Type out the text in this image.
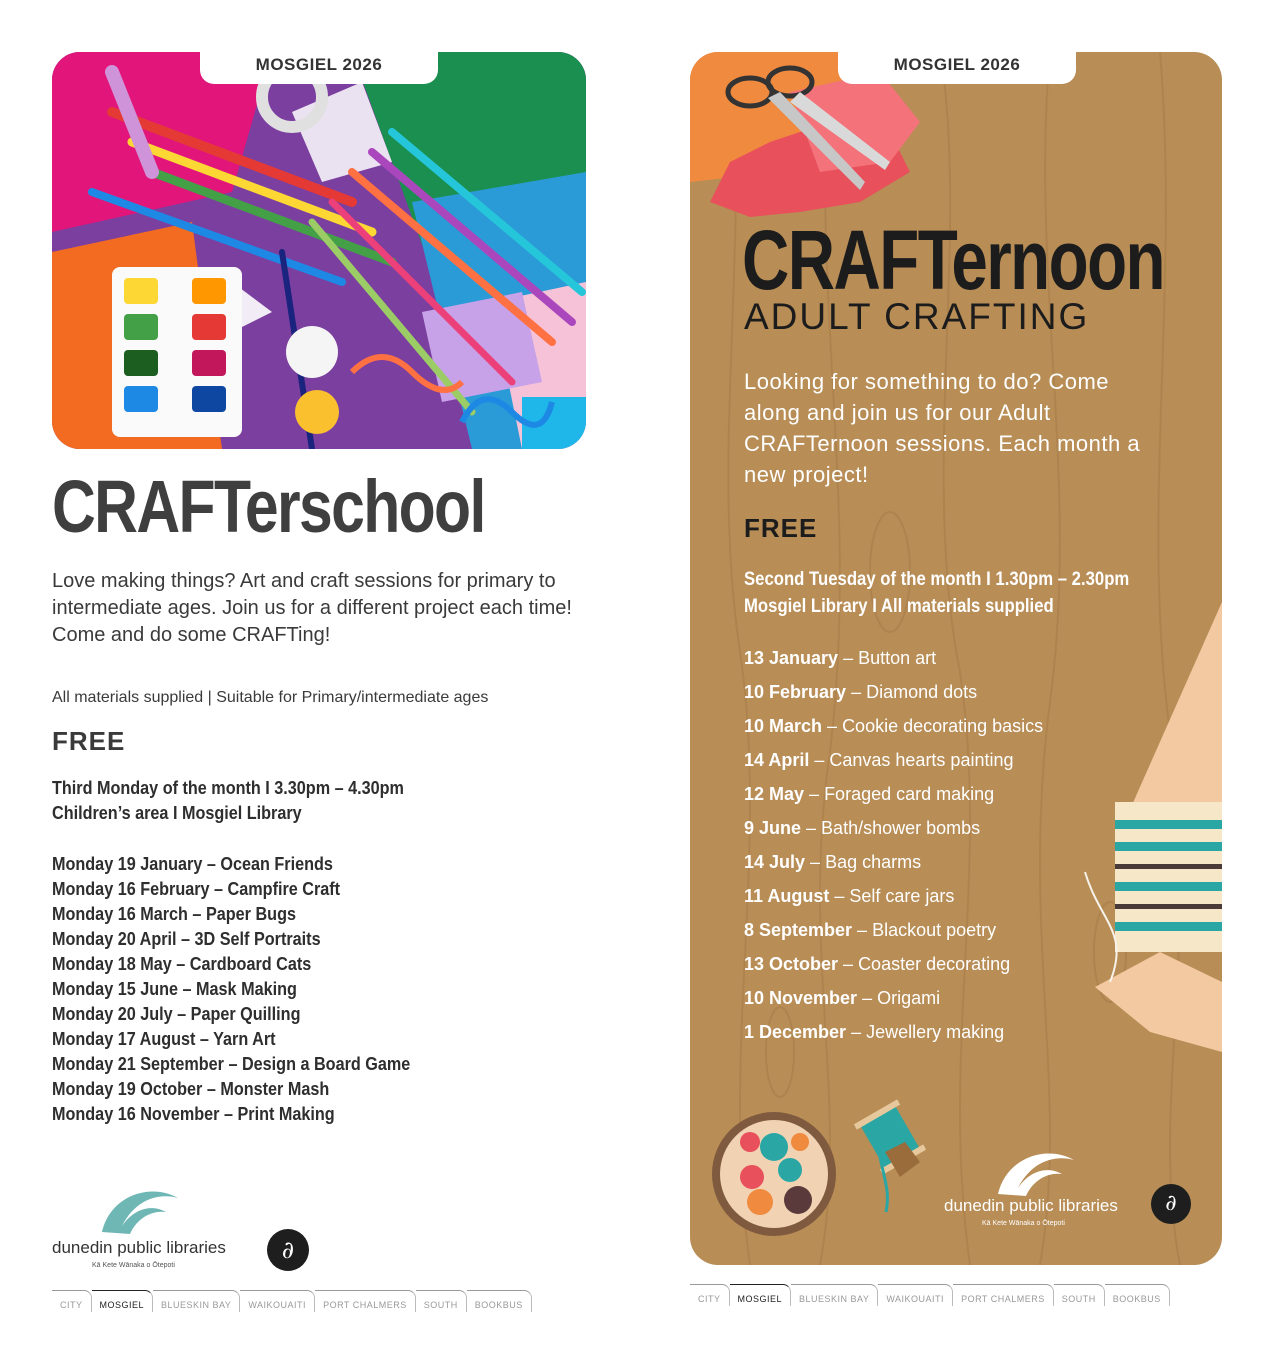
MOSGIEL 2026
CRAFTerschool

Love making things? Art and craft sessions for primary to intermediate ages. Join us for a different project each time! Come and do some CRAFTing!

All materials supplied | Suitable for Primary/intermediate ages

FREE

Third Monday of the month I 3.30pm – 4.30pm
Children’s area I Mosgiel Library
Monday 19 January – Ocean Friends
Monday 16 February – Campfire Craft
Monday 16 March – Paper Bugs
Monday 20 April – 3D Self Portraits
Monday 18 May – Cardboard Cats
Monday 15 June – Mask Making
Monday 20 July – Paper Quilling
Monday 17 August – Yarn Art
Monday 21 September – Design a Board Game
Monday 19 October – Monster Mash
Monday 16 November – Print Making
dunedin public libraries
Kā Kete Wānaka o Ōtepoti
∂
CITY	MOSGIEL	BLUESKIN BAY	WAIKOUAITI	PORT CHALMERS	SOUTH	BOOKBUS
MOSGIEL 2026
CRAFTernoon
ADULT CRAFTING

Looking for something to do? Come along and join us for our Adult CRAFTernoon sessions. Each month a new project!

FREE

Second Tuesday of the month I 1.30pm – 2.30pm
Mosgiel Library I All materials supplied
13 January – Button art
10 February – Diamond dots
10 March – Cookie decorating basics
14 April – Canvas hearts painting
12 May – Foraged card making
9 June – Bath/shower bombs
14 July – Bag charms
11 August – Self care jars
8 September – Blackout poetry
13 October – Coaster decorating
10 November – Origami
1 December – Jewellery making
dunedin public libraries
Kā Kete Wānaka o Ōtepoti
∂
CITY	MOSGIEL	BLUESKIN BAY	WAIKOUAITI	PORT CHALMERS	SOUTH	BOOKBUS
